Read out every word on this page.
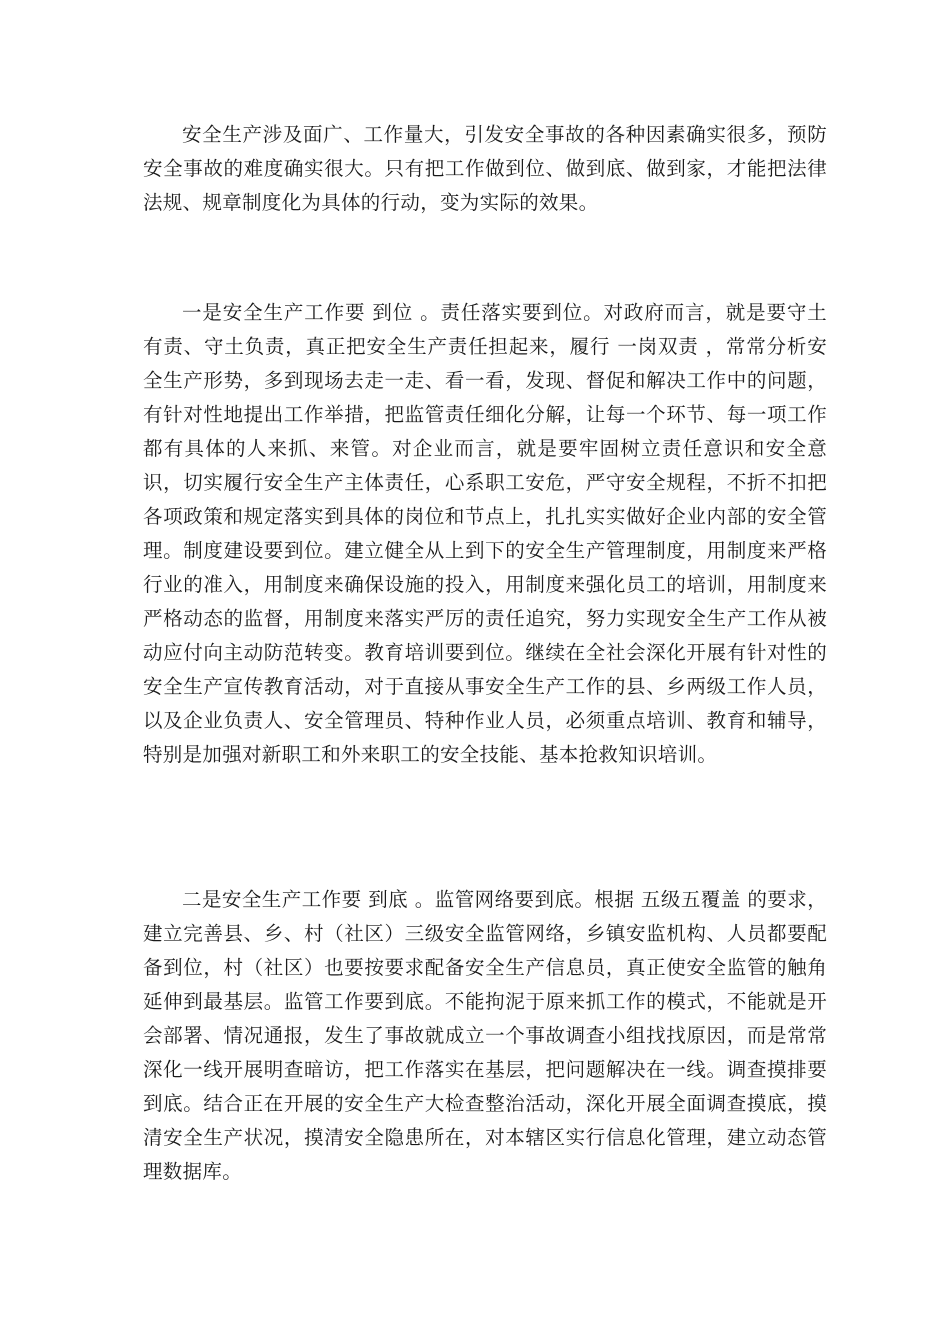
安全生产涉及面广、工作量大，引发安全事故的各种因素确实很多，预防安全事故的难度确实很大。只有把工作做到位、做到底、做到家，才能把法律法规、规章制度化为具体的行动，变为实际的效果。

一是安全生产工作要 到位 。责任落实要到位。对政府而言，就是要守土有责、守土负责，真正把安全生产责任担起来，履行 一岗双责 ，常常分析安全生产形势，多到现场去走一走、看一看，发现、督促和解决工作中的问题，有针对性地提出工作举措，把监管责任细化分解，让每一个环节、每一项工作都有具体的人来抓、来管。对企业而言，就是要牢固树立责任意识和安全意识，切实履行安全生产主体责任，心系职工安危，严守安全规程，不折不扣把各项政策和规定落实到具体的岗位和节点上，扎扎实实做好企业内部的安全管理。制度建设要到位。建立健全从上到下的安全生产管理制度，用制度来严格行业的准入，用制度来确保设施的投入，用制度来强化员工的培训，用制度来严格动态的监督，用制度来落实严厉的责任追究，努力实现安全生产工作从被动应付向主动防范转变。教育培训要到位。继续在全社会深化开展有针对性的安全生产宣传教育活动，对于直接从事安全生产工作的县、乡两级工作人员，以及企业负责人、安全管理员、特种作业人员，必须重点培训、教育和辅导，特别是加强对新职工和外来职工的安全技能、基本抢救知识培训。

二是安全生产工作要 到底 。监管网络要到底。根据 五级五覆盖 的要求，建立完善县、乡、村（社区）三级安全监管网络，乡镇安监机构、人员都要配备到位，村（社区）也要按要求配备安全生产信息员，真正使安全监管的触角延伸到最基层。监管工作要到底。不能拘泥于原来抓工作的模式，不能就是开会部署、情况通报，发生了事故就成立一个事故调查小组找找原因，而是常常深化一线开展明查暗访，把工作落实在基层，把问题解决在一线。调查摸排要到底。结合正在开展的安全生产大检查整治活动，深化开展全面调查摸底，摸清安全生产状况，摸清安全隐患所在，对本辖区实行信息化管理，建立动态管理数据库。
